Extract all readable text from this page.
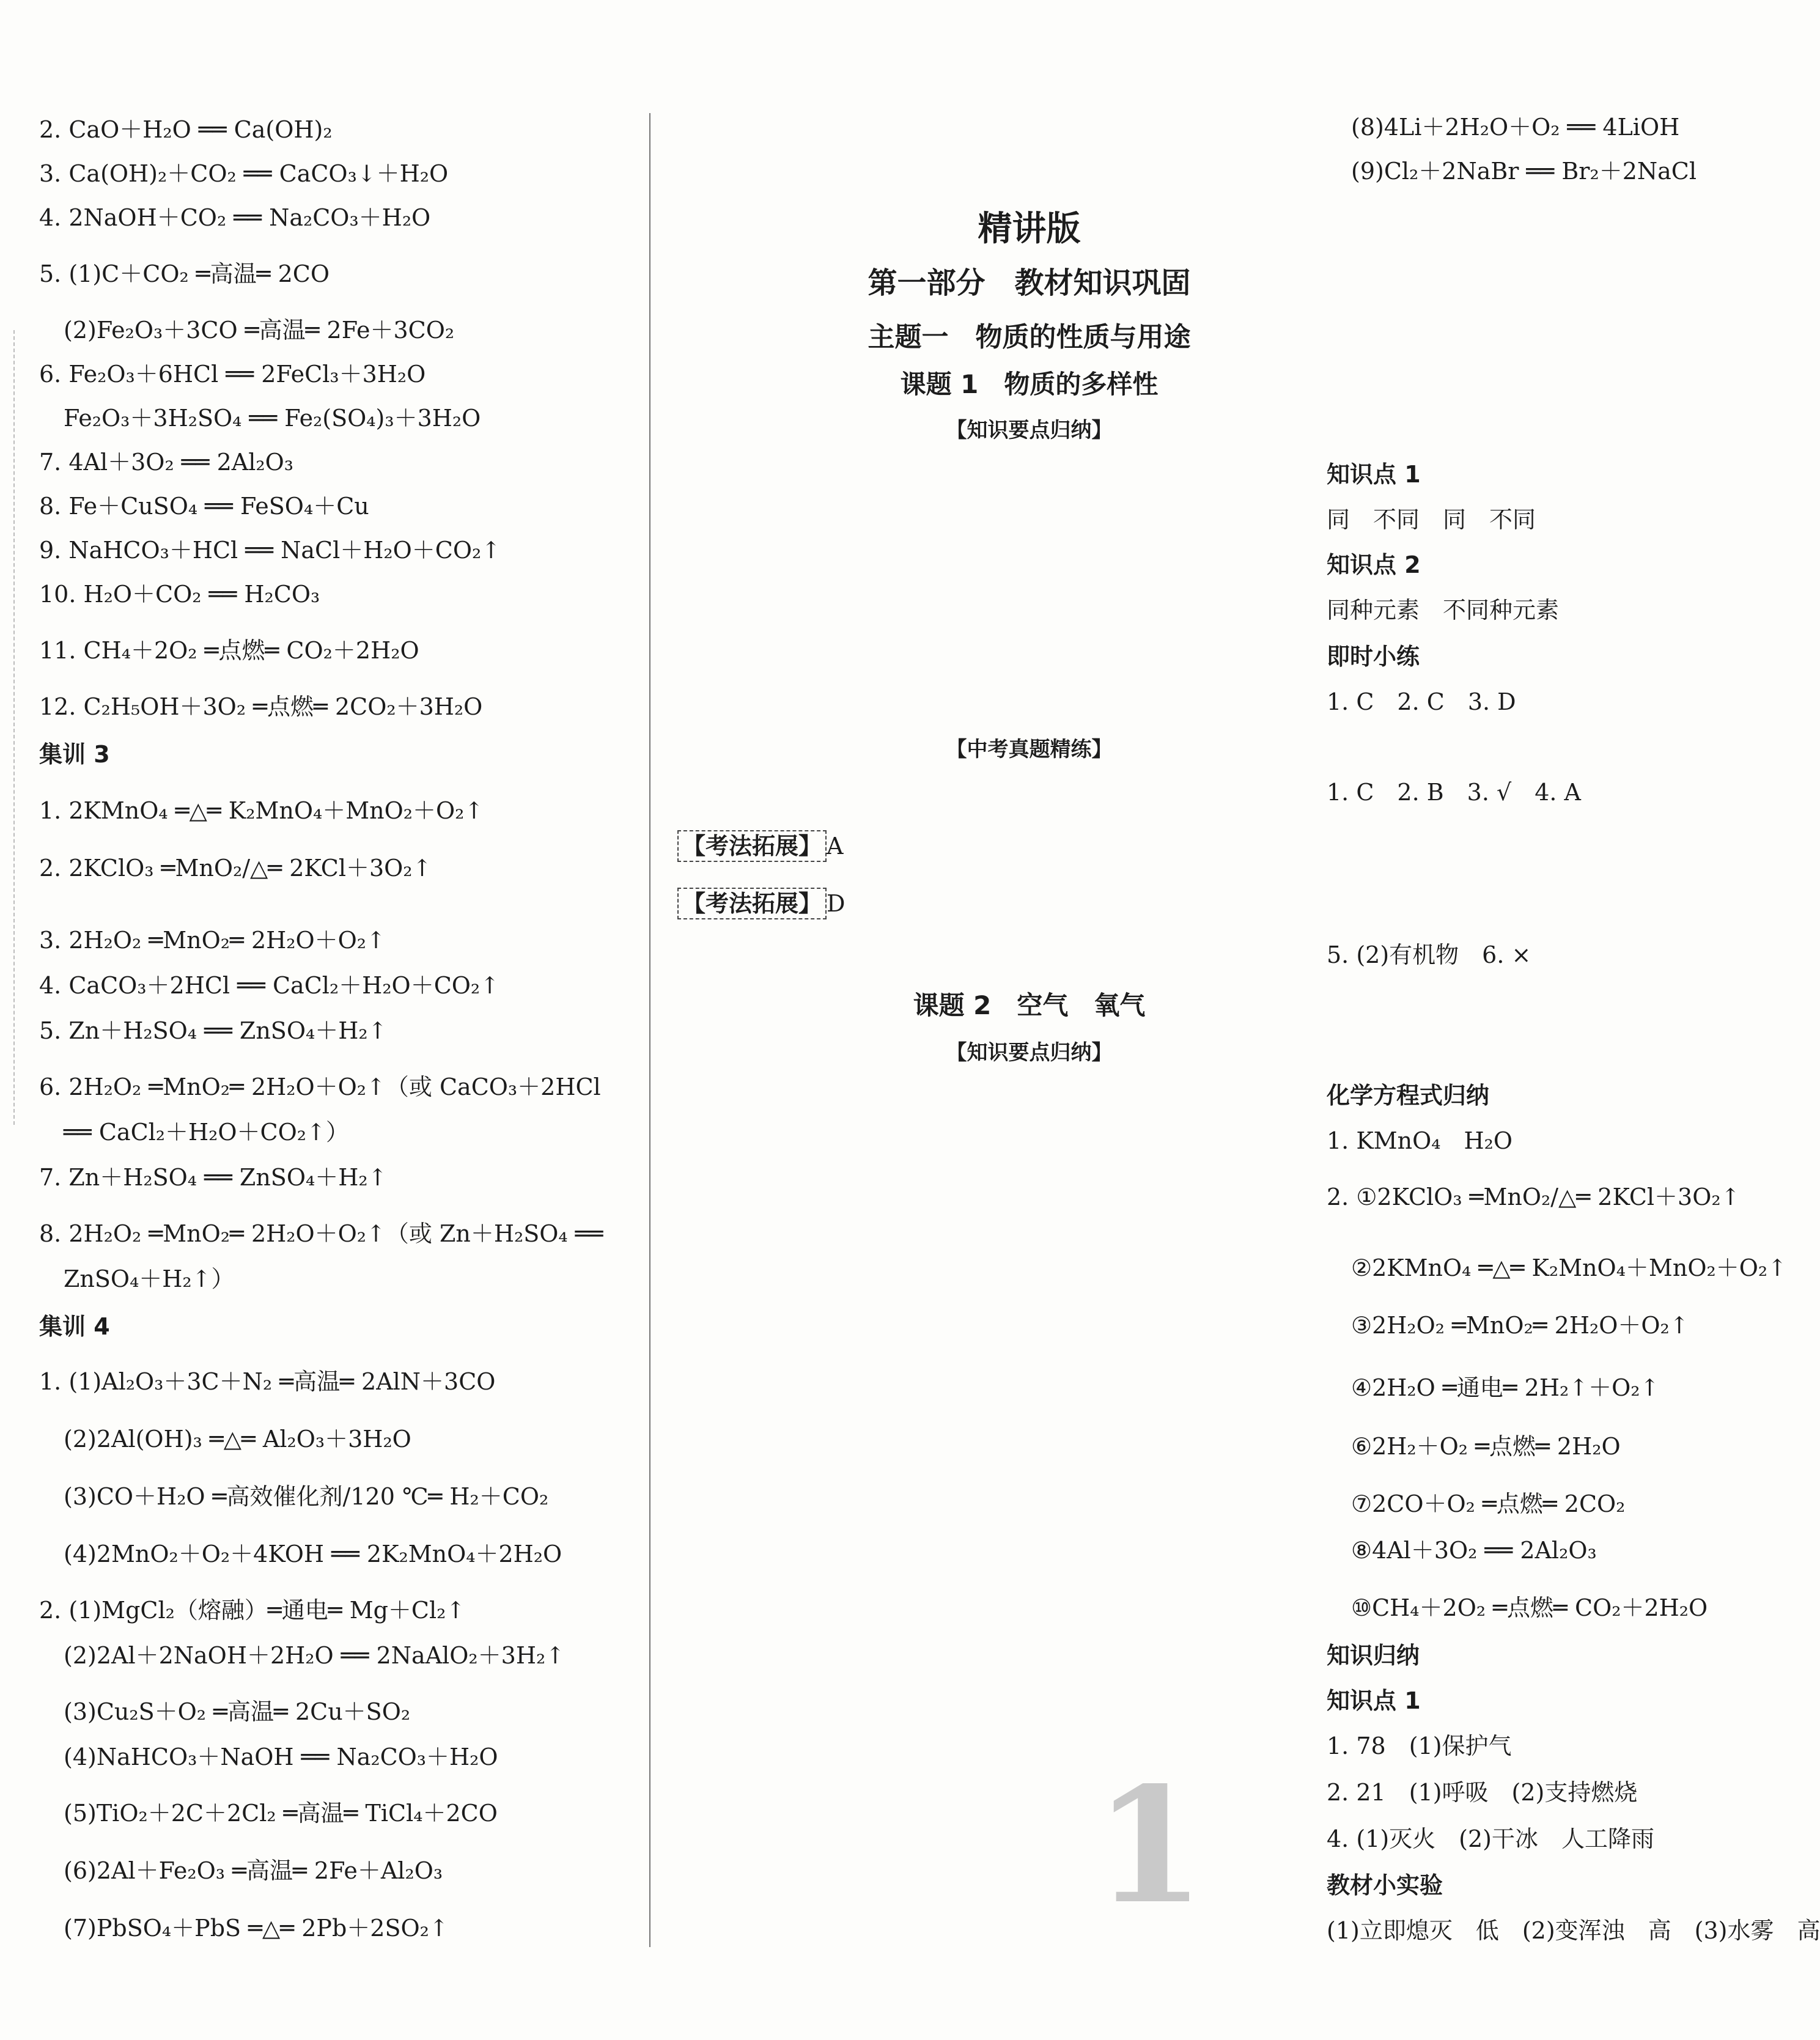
2. CaO＋H₂O ══ Ca(OH)₂
3. Ca(OH)₂＋CO₂ ══ CaCO₃↓＋H₂O
4. 2NaOH＋CO₂ ══ Na₂CO₃＋H₂O
5. (1)C＋CO₂ ═高温═ 2CO
(2)Fe₂O₃＋3CO ═高温═ 2Fe＋3CO₂
6. Fe₂O₃＋6HCl ══ 2FeCl₃＋3H₂O
Fe₂O₃＋3H₂SO₄ ══ Fe₂(SO₄)₃＋3H₂O
7. 4Al＋3O₂ ══ 2Al₂O₃
8. Fe＋CuSO₄ ══ FeSO₄＋Cu
9. NaHCO₃＋HCl ══ NaCl＋H₂O＋CO₂↑
10. H₂O＋CO₂ ══ H₂CO₃
11. CH₄＋2O₂ ═点燃═ CO₂＋2H₂O
12. C₂H₅OH＋3O₂ ═点燃═ 2CO₂＋3H₂O
集训 3
1. 2KMnO₄ ═△═ K₂MnO₄＋MnO₂＋O₂↑
2. 2KClO₃ ═MnO₂/△═ 2KCl＋3O₂↑
3. 2H₂O₂ ═MnO₂═ 2H₂O＋O₂↑
4. CaCO₃＋2HCl ══ CaCl₂＋H₂O＋CO₂↑
5. Zn＋H₂SO₄ ══ ZnSO₄＋H₂↑
6. 2H₂O₂ ═MnO₂═ 2H₂O＋O₂↑（或 CaCO₃＋2HCl
══ CaCl₂＋H₂O＋CO₂↑）
7. Zn＋H₂SO₄ ══ ZnSO₄＋H₂↑
8. 2H₂O₂ ═MnO₂═ 2H₂O＋O₂↑（或 Zn＋H₂SO₄ ══
ZnSO₄＋H₂↑）
集训 4
1. (1)Al₂O₃＋3C＋N₂ ═高温═ 2AlN＋3CO
(2)2Al(OH)₃ ═△═ Al₂O₃＋3H₂O
(3)CO＋H₂O ═高效催化剂/120 ℃═ H₂＋CO₂
(4)2MnO₂＋O₂＋4KOH ══ 2K₂MnO₄＋2H₂O
2. (1)MgCl₂（熔融）═通电═ Mg＋Cl₂↑
(2)2Al＋2NaOH＋2H₂O ══ 2NaAlO₂＋3H₂↑
(3)Cu₂S＋O₂ ═高温═ 2Cu＋SO₂
(4)NaHCO₃＋NaOH ══ Na₂CO₃＋H₂O
(5)TiO₂＋2C＋2Cl₂ ═高温═ TiCl₄＋2CO
(6)2Al＋Fe₂O₃ ═高温═ 2Fe＋Al₂O₃
(7)PbSO₄＋PbS ═△═ 2Pb＋2SO₂↑
(8)4Li＋2H₂O＋O₂ ══ 4LiOH
(9)Cl₂＋2NaBr ══ Br₂＋2NaCl
知识点 1
同　不同　同　不同
知识点 2
同种元素　不同种元素
即时小练
1. C　2. C　3. D
1. C　2. B　3. √　4. A
5. (2)有机物　6. ×
化学方程式归纳
1. KMnO₄　H₂O
2. ①2KClO₃ ═MnO₂/△═ 2KCl＋3O₂↑
②2KMnO₄ ═△═ K₂MnO₄＋MnO₂＋O₂↑
③2H₂O₂ ═MnO₂═ 2H₂O＋O₂↑
④2H₂O ═通电═ 2H₂↑＋O₂↑
⑥2H₂＋O₂ ═点燃═ 2H₂O
⑦2CO＋O₂ ═点燃═ 2CO₂
⑧4Al＋3O₂ ══ 2Al₂O₃
⑩CH₄＋2O₂ ═点燃═ CO₂＋2H₂O
知识归纳
知识点 1
1. 78　(1)保护气
2. 21　(1)呼吸　(2)支持燃烧
4. (1)灭火　(2)干冰　人工降雨
教材小实验
(1)立即熄灭　低　(2)变浑浊　高　(3)水雾　高
精讲版
第一部分　教材知识巩固
主题一　物质的性质与用途
课题 1　物质的多样性
【知识要点归纳】
【中考真题精练】
课题 2　空气　氧气
【知识要点归纳】
【考法拓展】 A
【考法拓展】 D
1
